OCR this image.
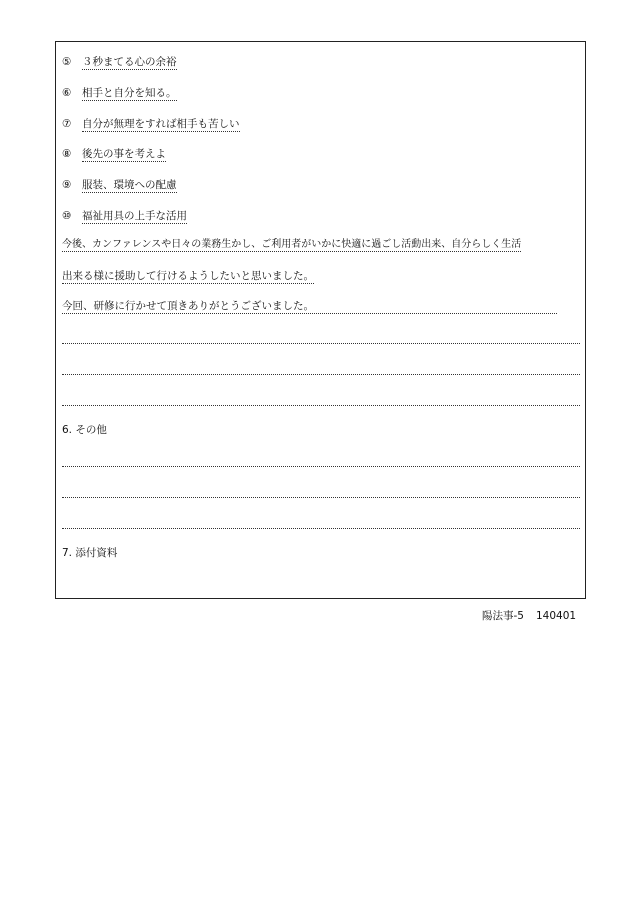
⑤ ３秒まてる心の余裕
⑥ 相手と自分を知る。
⑦ 自分が無理をすれば相手も苦しい
⑧ 後先の事を考えよ
⑨ 服装、環境への配慮
⑩ 福祉用具の上手な活用
今後、カンファレンスや日々の業務生かし、ご利用者がいかに快適に過ごし活動出来、自分らしく生活
出来る様に援助して行けるようしたいと思いました。
今回、研修に行かせて頂きありがとうございました。
6. その他
7. 添付資料
陽法事-5 140401
